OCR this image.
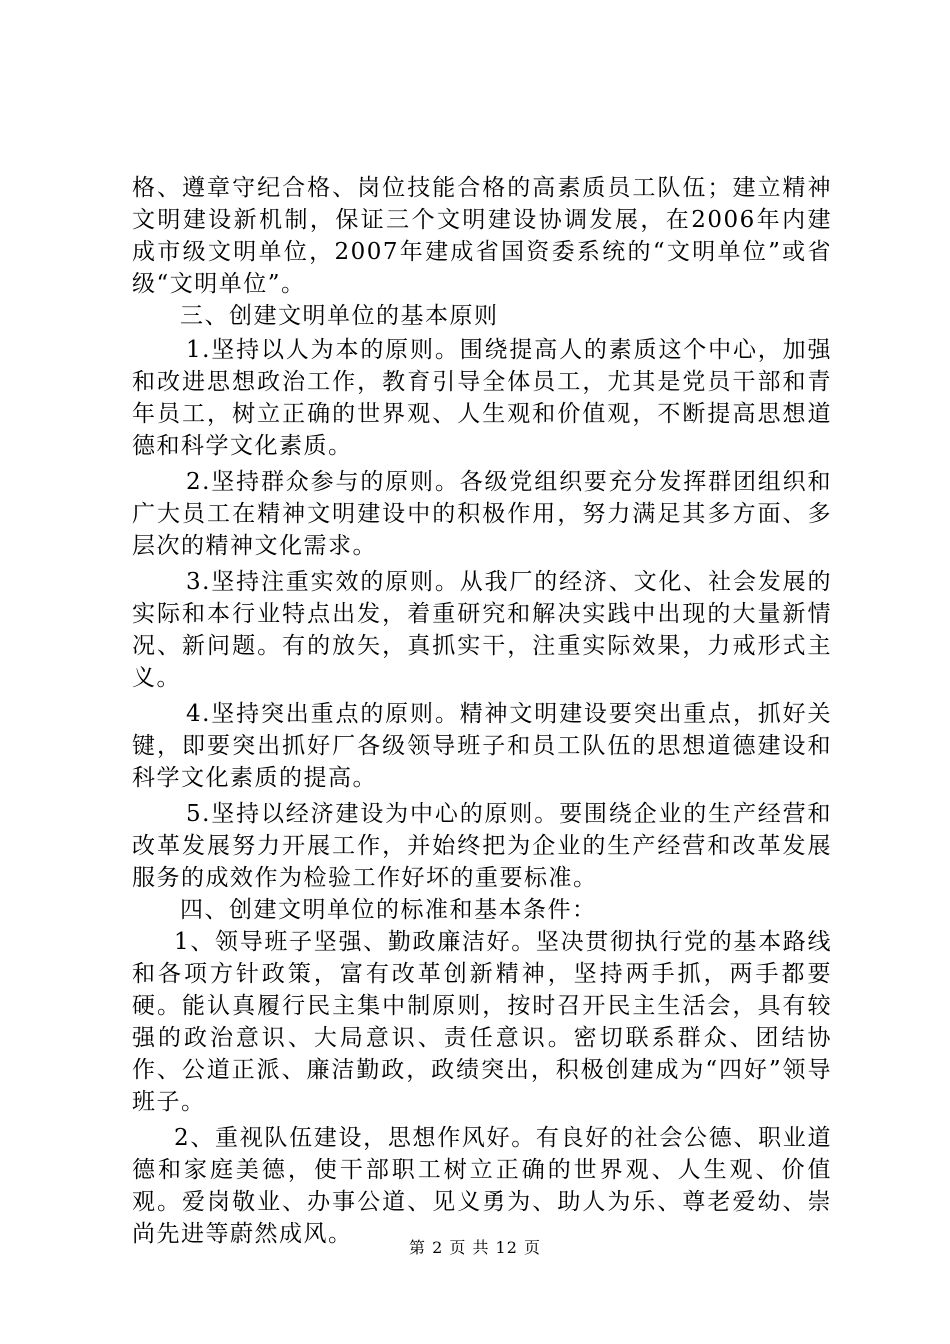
格、遵章守纪合格、岗位技能合格的高素质员工队伍；建立精神文明建设新机制，保证三个文明建设协调发展，在2006年内建成市级文明单位，2007年建成省国资委系统的“文明单位”或省级“文明单位”。

三、创建文明单位的基本原则

1.坚持以人为本的原则。围绕提高人的素质这个中心，加强和改进思想政治工作，教育引导全体员工，尤其是党员干部和青年员工，树立正确的世界观、人生观和价值观，不断提高思想道德和科学文化素质。

2.坚持群众参与的原则。各级党组织要充分发挥群团组织和广大员工在精神文明建设中的积极作用，努力满足其多方面、多层次的精神文化需求。

3.坚持注重实效的原则。从我厂的经济、文化、社会发展的实际和本行业特点出发，着重研究和解决实践中出现的大量新情况、新问题。有的放矢，真抓实干，注重实际效果，力戒形式主义。

4.坚持突出重点的原则。精神文明建设要突出重点，抓好关键，即要突出抓好厂各级领导班子和员工队伍的思想道德建设和科学文化素质的提高。

5.坚持以经济建设为中心的原则。要围绕企业的生产经营和改革发展努力开展工作，并始终把为企业的生产经营和改革发展服务的成效作为检验工作好坏的重要标准。

四、创建文明单位的标准和基本条件：

1、领导班子坚强、勤政廉洁好。坚决贯彻执行党的基本路线和各项方针政策，富有改革创新精神，坚持两手抓，两手都要硬。能认真履行民主集中制原则，按时召开民主生活会，具有较强的政治意识、大局意识、责任意识。密切联系群众、团结协作、公道正派、廉洁勤政，政绩突出，积极创建成为“四好”领导班子。

2、重视队伍建设，思想作风好。有良好的社会公德、职业道德和家庭美德，使干部职工树立正确的世界观、人生观、价值观。爱岗敬业、办事公道、见义勇为、助人为乐、尊老爱幼、崇尚先进等蔚然成风。

第 2 页 共 12 页
